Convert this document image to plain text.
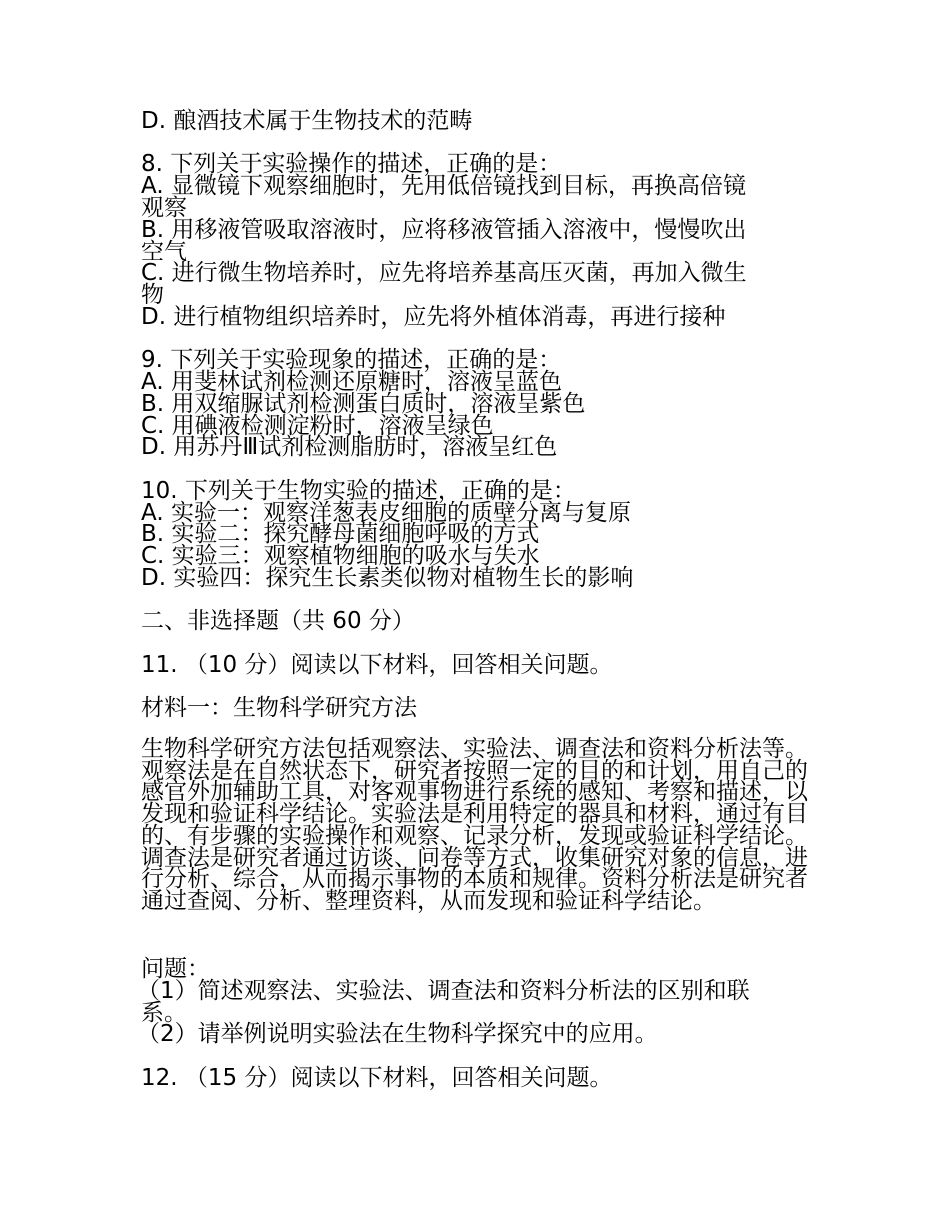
D. 酿酒技术属于生物技术的范畴
8. 下列关于实验操作的描述，正确的是：
A. 显微镜下观察细胞时，先用低倍镜找到目标，再换高倍镜
观察
B. 用移液管吸取溶液时，应将移液管插入溶液中，慢慢吹出
空气
C. 进行微生物培养时，应先将培养基高压灭菌，再加入微生
物
D. 进行植物组织培养时，应先将外植体消毒，再进行接种
9. 下列关于实验现象的描述，正确的是：
A. 用斐林试剂检测还原糖时，溶液呈蓝色
B. 用双缩脲试剂检测蛋白质时，溶液呈紫色
C. 用碘液检测淀粉时，溶液呈绿色
D. 用苏丹Ⅲ试剂检测脂肪时，溶液呈红色
10. 下列关于生物实验的描述，正确的是：
A. 实验一：观察洋葱表皮细胞的质壁分离与复原
B. 实验二：探究酵母菌细胞呼吸的方式
C. 实验三：观察植物细胞的吸水与失水
D. 实验四：探究生长素类似物对植物生长的影响
二、非选择题（共 60 分）
11. （10 分）阅读以下材料，回答相关问题。
材料一：生物科学研究方法
生物科学研究方法包括观察法、实验法、调查法和资料分析法等。观察法是在自然状态下，研究者按照一定的目的和计划，用自己的感官外加辅助工具，对客观事物进行系统的感知、考察和描述，以发现和验证科学结论。实验法是利用特定的器具和材料，通过有目的、有步骤的实验操作和观察、记录分析，发现或验证科学结论。调查法是研究者通过访谈、问卷等方式，收集研究对象的信息，进行分析、综合，从而揭示事物的本质和规律。资料分析法是研究者通过查阅、分析、整理资料，从而发现和验证科学结论。
问题：
（1）简述观察法、实验法、调查法和资料分析法的区别和联
系。
（2）请举例说明实验法在生物科学探究中的应用。
12. （15 分）阅读以下材料，回答相关问题。
